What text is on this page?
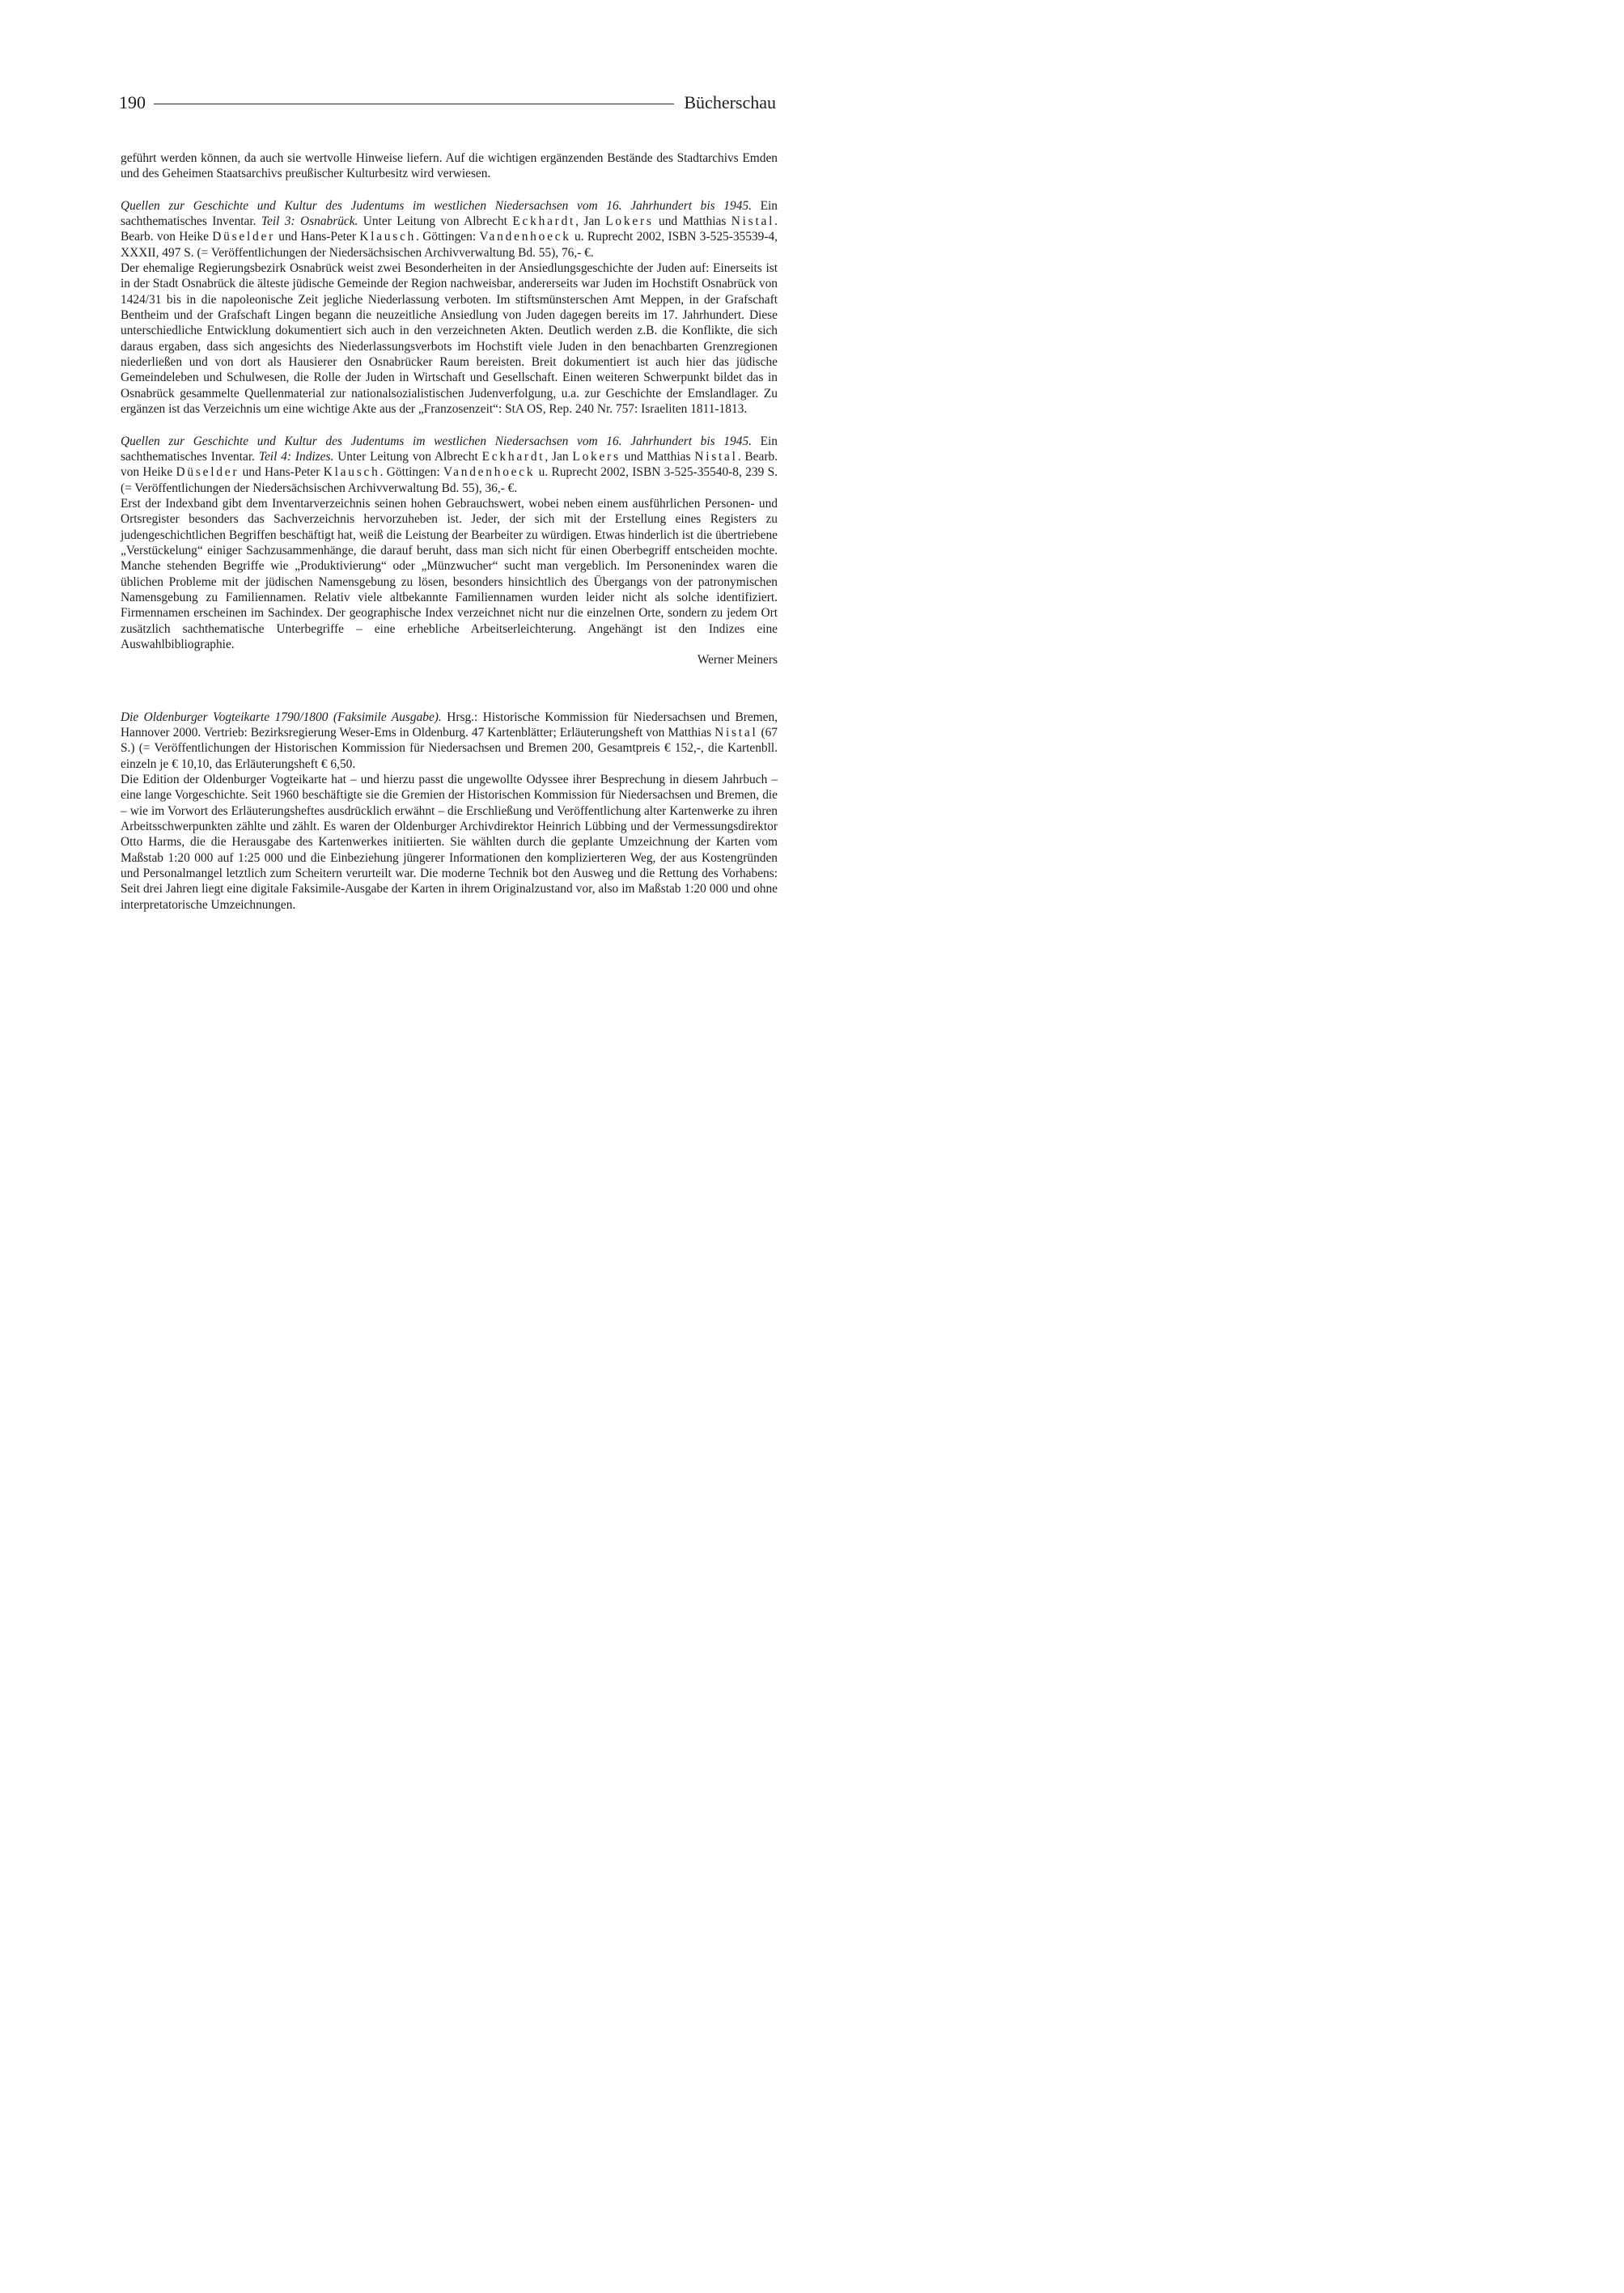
190	Bücherschau

geführt werden können, da auch sie wertvolle Hinweise liefern. Auf die wichtigen ergänzenden Bestände des Stadtarchivs Emden und des Geheimen Staatsarchivs preußischer Kulturbesitz wird verwiesen.

Quellen zur Geschichte und Kultur des Judentums im westlichen Niedersachsen vom 16. Jahrhundert bis 1945. Ein sachthematisches Inventar. Teil 3: Osnabrück. Unter Leitung von Albrecht Eckhardt, Jan Lokers und Matthias Nistal. Bearb. von Heike Düselder und Hans-Peter Klausch. Göttingen: Vandenhoeck u. Ruprecht 2002, ISBN 3-525-35539-4, XXXII, 497 S. (= Veröffentlichungen der Niedersächsischen Archivverwaltung Bd. 55), 76,- €.

Der ehemalige Regierungsbezirk Osnabrück weist zwei Besonderheiten in der Ansiedlungsgeschichte der Juden auf: Einerseits ist in der Stadt Osnabrück die älteste jüdische Gemeinde der Region nachweisbar, andererseits war Juden im Hochstift Osnabrück von 1424/31 bis in die napoleonische Zeit jegliche Niederlassung verboten. Im stiftsmünsterschen Amt Meppen, in der Grafschaft Bentheim und der Grafschaft Lingen begann die neuzeitliche Ansiedlung von Juden dagegen bereits im 17. Jahrhundert. Diese unterschiedliche Entwicklung dokumentiert sich auch in den verzeichneten Akten. Deutlich werden z.B. die Konflikte, die sich daraus ergaben, dass sich angesichts des Niederlassungsverbots im Hochstift viele Juden in den benachbarten Grenzregionen niederließen und von dort als Hausierer den Osnabrücker Raum bereisten. Breit dokumentiert ist auch hier das jüdische Gemeindeleben und Schulwesen, die Rolle der Juden in Wirtschaft und Gesellschaft. Einen weiteren Schwerpunkt bildet das in Osnabrück gesammelte Quellenmaterial zur nationalsozialistischen Judenverfolgung, u.a. zur Geschichte der Emslandlager. Zu ergänzen ist das Verzeichnis um eine wichtige Akte aus der „Franzosenzeit“: StA OS, Rep. 240 Nr. 757: Israeliten 1811-1813.

Quellen zur Geschichte und Kultur des Judentums im westlichen Niedersachsen vom 16. Jahrhundert bis 1945. Ein sachthematisches Inventar. Teil 4: Indizes. Unter Leitung von Albrecht Eckhardt, Jan Lokers und Matthias Nistal. Bearb. von Heike Düselder und Hans-Peter Klausch. Göttingen: Vandenhoeck u. Ruprecht 2002, ISBN 3-525-35540-8, 239 S. (= Veröffentlichungen der Niedersächsischen Archivverwaltung Bd. 55), 36,- €.

Erst der Indexband gibt dem Inventarverzeichnis seinen hohen Gebrauchswert, wobei neben einem ausführlichen Personen- und Ortsregister besonders das Sachverzeichnis hervorzuheben ist. Jeder, der sich mit der Erstellung eines Registers zu judengeschichtlichen Begriffen beschäftigt hat, weiß die Leistung der Bearbeiter zu würdigen. Etwas hinderlich ist die übertriebene „Verstückelung“ einiger Sachzusammenhänge, die darauf beruht, dass man sich nicht für einen Oberbegriff entscheiden mochte. Manche stehenden Begriffe wie „Produktivierung“ oder „Münzwucher“ sucht man vergeblich. Im Personenindex waren die üblichen Probleme mit der jüdischen Namensgebung zu lösen, besonders hinsichtlich des Übergangs von der patronymischen Namensgebung zu Familiennamen. Relativ viele altbekannte Familiennamen wurden leider nicht als solche identifiziert. Firmennamen erscheinen im Sachindex. Der geographische Index verzeichnet nicht nur die einzelnen Orte, sondern zu jedem Ort zusätzlich sachthematische Unterbegriffe – eine erhebliche Arbeitserleichterung. Angehängt ist den Indizes eine Auswahlbibliographie.

Werner Meiners

Die Oldenburger Vogteikarte 1790/1800 (Faksimile Ausgabe). Hrsg.: Historische Kommission für Niedersachsen und Bremen, Hannover 2000. Vertrieb: Bezirksregierung Weser-Ems in Oldenburg. 47 Kartenblätter; Erläuterungsheft von Matthias Nistal (67 S.) (= Veröffentlichungen der Historischen Kommission für Niedersachsen und Bremen 200, Gesamtpreis € 152,-, die Kartenbll. einzeln je € 10,10, das Erläuterungsheft € 6,50.

Die Edition der Oldenburger Vogteikarte hat – und hierzu passt die ungewollte Odyssee ihrer Besprechung in diesem Jahrbuch – eine lange Vorgeschichte. Seit 1960 beschäftigte sie die Gremien der Historischen Kommission für Niedersachsen und Bremen, die – wie im Vorwort des Erläuterungsheftes ausdrücklich erwähnt – die Erschließung und Veröffentlichung alter Kartenwerke zu ihren Arbeitsschwerpunkten zählte und zählt. Es waren der Oldenburger Archivdirektor Heinrich Lübbing und der Vermessungsdirektor Otto Harms, die die Herausgabe des Kartenwerkes initiierten. Sie wählten durch die geplante Umzeichnung der Karten vom Maßstab 1:20 000 auf 1:25 000 und die Einbeziehung jüngerer Informationen den komplizierteren Weg, der aus Kostengründen und Personalmangel letztlich zum Scheitern verurteilt war. Die moderne Technik bot den Ausweg und die Rettung des Vorhabens: Seit drei Jahren liegt eine digitale Faksimile-Ausgabe der Karten in ihrem Originalzustand vor, also im Maßstab 1:20 000 und ohne interpretatorische Umzeichnungen.
